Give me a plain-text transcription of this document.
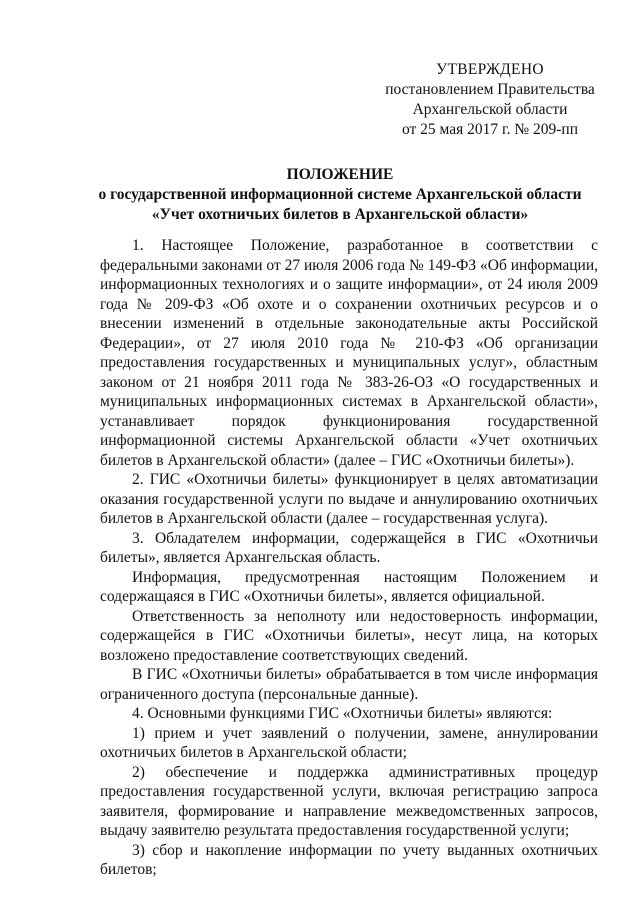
УТВЕРЖДЕНО
постановлением Правительства
Архангельской области
от 25 мая 2017 г. № 209-пп
ПОЛОЖЕНИЕ
о государственной информационной системе Архангельской области
«Учет охотничьих билетов в Архангельской области»

1. Настоящее Положение, разработанное в соответствии с федеральными законами от 27 июля 2006 года № 149-ФЗ «Об информации, информационных технологиях и о защите информации», от 24 июля 2009 года № 209-ФЗ «Об охоте и о сохранении охотничьих ресурсов и о внесении изменений в отдельные законодательные акты Российской Федерации», от 27 июля 2010 года № 210-ФЗ «Об организации предоставления государственных и муниципальных услуг», областным законом от 21 ноября 2011 года № 383-26-ОЗ «О государственных и муниципальных информационных системах в Архангельской области», устанавливает порядок функционирования государственной информационной системы Архангельской области «Учет охотничьих билетов в Архангельской области» (далее – ГИС «Охотничьи билеты»).

2. ГИС «Охотничьи билеты» функционирует в целях автоматизации оказания государственной услуги по выдаче и аннулированию охотничьих билетов в Архангельской области (далее – государственная услуга).

3. Обладателем информации, содержащейся в ГИС «Охотничьи билеты», является Архангельская область.

Информация, предусмотренная настоящим Положением и содержащаяся в ГИС «Охотничьи билеты», является официальной.

Ответственность за неполноту или недостоверность информации, содержащейся в ГИС «Охотничьи билеты», несут лица, на которых возложено предоставление соответствующих сведений.

В ГИС «Охотничьи билеты» обрабатывается в том числе информация ограниченного доступа (персональные данные).

4. Основными функциями ГИС «Охотничьи билеты» являются:

1) прием и учет заявлений о получении, замене, аннулировании охотничьих билетов в Архангельской области;

2) обеспечение и поддержка административных процедур предоставления государственной услуги, включая регистрацию запроса заявителя, формирование и направление межведомственных запросов, выдачу заявителю результата предоставления государственной услуги;

3) сбор и накопление информации по учету выданных охотничьих билетов;
